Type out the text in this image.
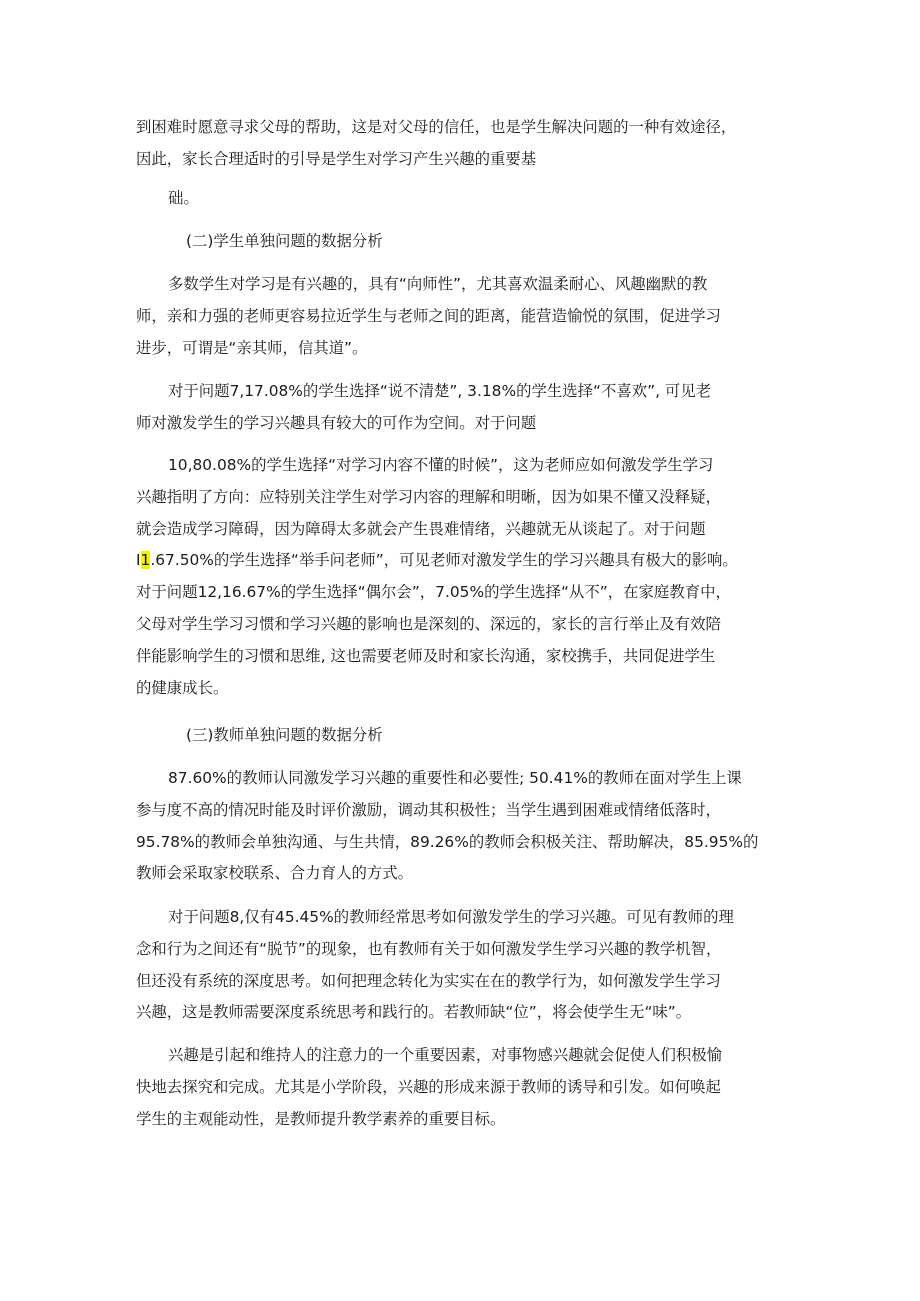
到困难时愿意寻求父母的帮助，这是对父母的信任，也是学生解决问题的一种有效途径，
因此，家长合理适时的引导是学生对学习产生兴趣的重要基
础。
(二)学生单独问题的数据分析
多数学生对学习是有兴趣的，具有“向师性”，尤其喜欢温柔耐心、风趣幽默的教
师，亲和力强的老师更容易拉近学生与老师之间的距离，能营造愉悦的氛围，促进学习
进步，可谓是“亲其师，信其道”。
对于问题7,17.08%的学生选择“说不清楚”, 3.18%的学生选择“不喜欢”, 可见老
师对激发学生的学习兴趣具有较大的可作为空间。对于问题
10,80.08%的学生选择“对学习内容不懂的时候”，这为老师应如何激发学生学习
兴趣指明了方向：应特别关注学生对学习内容的理解和明晰，因为如果不懂又没释疑，
就会造成学习障碍，因为障碍太多就会产生畏难情绪，兴趣就无从谈起了。对于问题
I1.67.50%的学生选择“举手问老师”，可见老师对激发学生的学习兴趣具有极大的影响。
对于问题12,16.67%的学生选择“偶尔会”，7.05%的学生选择“从不”，在家庭教育中，
父母对学生学习习惯和学习兴趣的影响也是深刻的、深远的，家长的言行举止及有效陪
伴能影响学生的习惯和思维, 这也需要老师及时和家长沟通，家校携手，共同促进学生
的健康成长。
(三)教师单独问题的数据分析
87.60%的教师认同激发学习兴趣的重要性和必要性; 50.41%的教师在面对学生上课
参与度不高的情况时能及时评价激励，调动其积极性；当学生遇到困难或情绪低落时，
95.78%的教师会单独沟通、与生共情，89.26%的教师会积极关注、帮助解决，85.95%的
教师会采取家校联系、合力育人的方式。
对于问题8,仅有45.45%的教师经常思考如何激发学生的学习兴趣。可见有教师的理
念和行为之间还有“脱节”的现象，也有教师有关于如何激发学生学习兴趣的教学机智，
但还没有系统的深度思考。如何把理念转化为实实在在的教学行为，如何激发学生学习
兴趣，这是教师需要深度系统思考和践行的。若教师缺“位”，将会使学生无“味”。
兴趣是引起和维持人的注意力的一个重要因素，对事物感兴趣就会促使人们积极愉
快地去探究和完成。尤其是小学阶段，兴趣的形成来源于教师的诱导和引发。如何唤起
学生的主观能动性，是教师提升教学素养的重要目标。
